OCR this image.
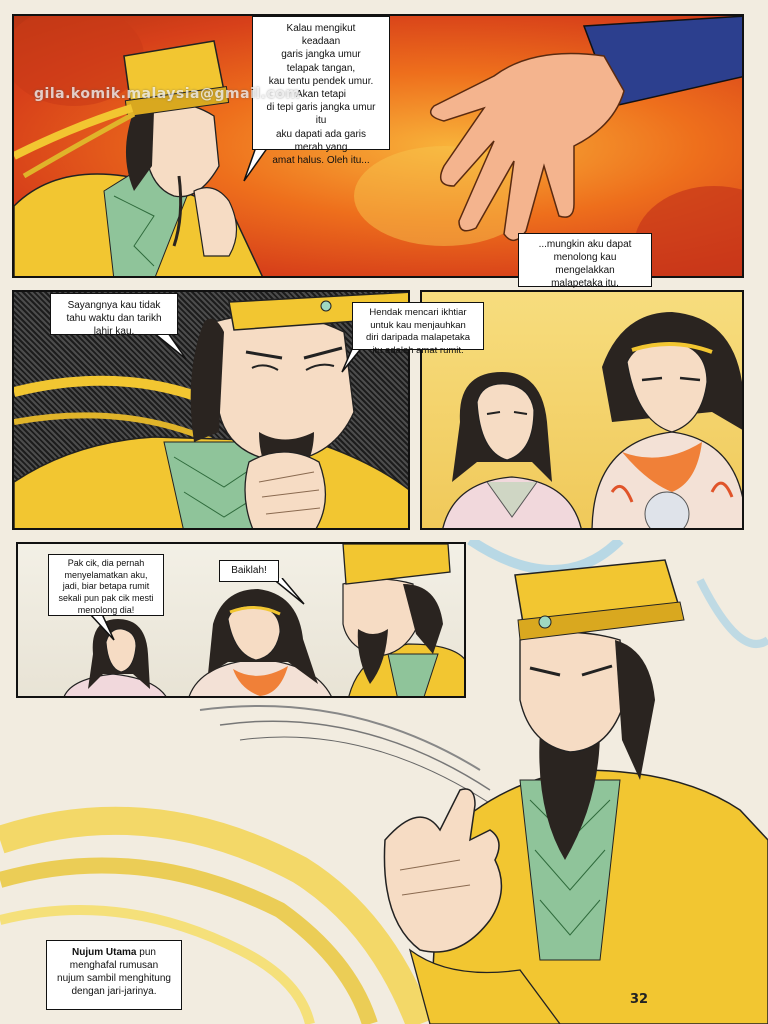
gila.komik.malaysia@gmail.com
Kalau mengikut
keadaan
garis jangka umur
telapak tangan,
kau tentu pendek umur.
Akan tetapi
di tepi garis jangka umur
itu
aku dapati ada garis
merah yang
amat halus. Oleh itu...
...mungkin aku dapat
menolong kau
mengelakkan
malapetaka itu.
Sayangnya kau tidak
tahu waktu dan tarikh
lahir kau.
Hendak mencari ikhtiar
untuk kau menjauhkan
diri daripada malapetaka
itu adalah amat rumit.
Pak cik, dia pernah
menyelamatkan aku,
jadi, biar betapa rumit
sekali pun pak cik mesti
menolong dia!
Baiklah!
Nujum Utama pun
menghafal rumusan
nujum sambil menghitung
dengan jari-jarinya.
32
